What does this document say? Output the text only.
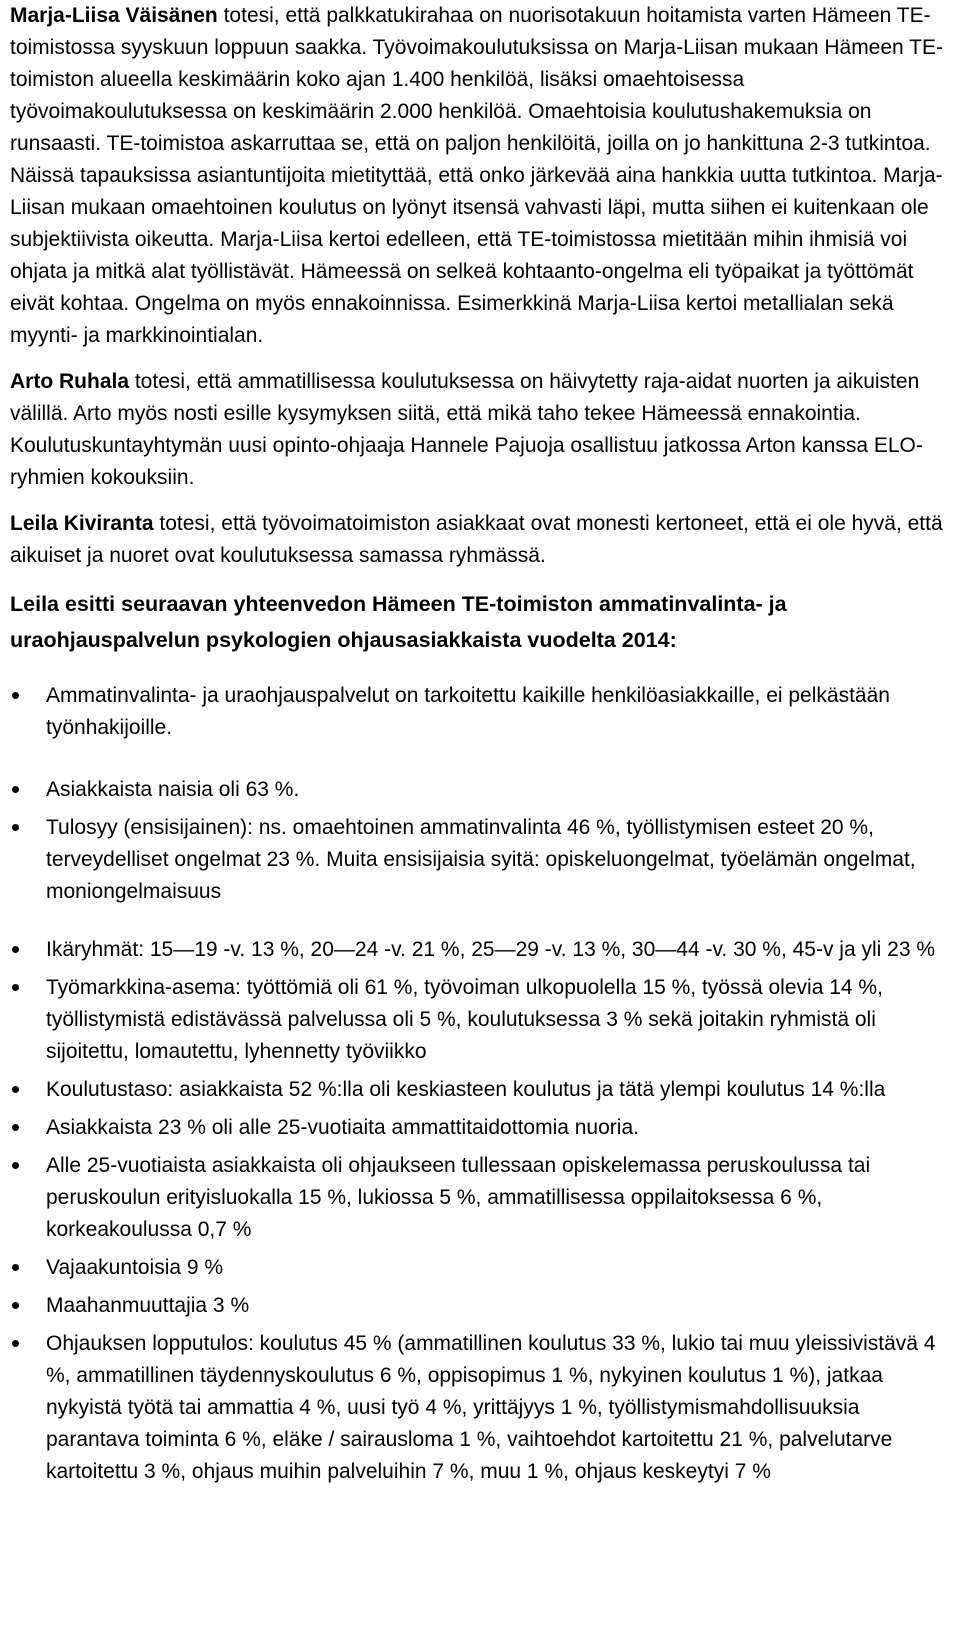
Marja-Liisa Väisänen totesi, että palkkatukirahaa on nuorisotakuun hoitamista varten Hämeen TE-toimistossa syyskuun loppuun saakka. Työvoimakoulutuksissa on Marja-Liisan mukaan Hämeen TE-toimiston alueella keskimäärin koko ajan 1.400 henkilöä, lisäksi omaehtoisessa työvoimakoulutuksessa on keskimäärin 2.000 henkilöä. Omaehtoisia koulutushakemuksia on runsaasti. TE-toimistoa askarruttaa se, että on paljon henkilöitä, joilla on jo hankittuna 2-3 tutkintoa. Näissä tapauksissa asiantuntijoita mietityttää, että onko järkevää aina hankkia uutta tutkintoa. Marja-Liisan mukaan omaehtoinen koulutus on lyönyt itsensä vahvasti läpi, mutta siihen ei kuitenkaan ole subjektiivista oikeutta. Marja-Liisa kertoi edelleen, että TE-toimistossa mietitään mihin ihmisiä voi ohjata ja mitkä alat työllistävät. Hämeessä on selkeä kohtaanto-ongelma eli työpaikat ja työttömät eivät kohtaa. Ongelma on myös ennakoinnissa. Esimerkkinä Marja-Liisa kertoi metallialan sekä myynti- ja markkinointialan.

Arto Ruhala totesi, että ammatillisessa koulutuksessa on häivytetty raja-aidat nuorten ja aikuisten välillä. Arto myös nosti esille kysymyksen siitä, että mikä taho tekee Hämeessä ennakointia. Koulutuskuntayhtymän uusi opinto-ohjaaja Hannele Pajuoja osallistuu jatkossa Arton kanssa ELO-ryhmien kokouksiin.

Leila Kiviranta totesi, että työvoimatoimiston asiakkaat ovat monesti kertoneet, että ei ole hyvä, että aikuiset ja nuoret ovat koulutuksessa samassa ryhmässä.

Leila esitti seuraavan yhteenvedon Hämeen TE-toimiston ammatinvalinta- ja uraohjauspalvelun psykologien ohjausasiakkaista vuodelta 2014:

Ammatinvalinta- ja uraohjauspalvelut on tarkoitettu kaikille henkilöasiakkaille, ei pelkästään työnhakijoille.
Asiakkaista naisia oli 63 %.
Tulosyy (ensisijainen): ns. omaehtoinen ammatinvalinta 46 %, työllistymisen esteet 20 %, terveydelliset ongelmat 23 %. Muita ensisijaisia syitä: opiskeluongelmat, työelämän ongelmat, moniongelmaisuus
Ikäryhmät: 15—19 -v. 13 %, 20—24 -v. 21 %, 25—29 -v. 13 %, 30—44 -v. 30 %, 45-v ja yli 23 %
Työmarkkina-asema: työttömiä oli 61 %, työvoiman ulkopuolella 15 %, työssä olevia 14 %, työllistymistä edistävässä palvelussa oli 5 %, koulutuksessa 3 % sekä joitakin ryhmistä oli sijoitettu, lomautettu, lyhennetty työviikko
Koulutustaso: asiakkaista 52 %:lla oli keskiasteen koulutus ja tätä ylempi koulutus 14 %:lla
Asiakkaista 23 % oli alle 25-vuotiaita ammattitaidottomia nuoria.
Alle 25-vuotiaista asiakkaista oli ohjaukseen tullessaan opiskelemassa peruskoulussa tai peruskoulun erityisluokalla 15 %, lukiossa 5 %, ammatillisessa oppilaitoksessa 6 %, korkeakoulussa 0,7 %
Vajaakuntoisia 9 %
Maahanmuuttajia 3 %
Ohjauksen lopputulos: koulutus 45 % (ammatillinen koulutus 33 %, lukio tai muu yleissivistävä 4 %, ammatillinen täydennyskoulutus 6 %, oppisopimus 1 %, nykyinen koulutus 1 %), jatkaa nykyistä työtä tai ammattia 4 %, uusi työ 4 %, yrittäjyys 1 %, työllistymismahdollisuuksia parantava toiminta 6 %, eläke / sairauslomа 1 %, vaihtoehdot kartoitettu 21 %, palvelutarve kartoitettu 3 %, ohjaus muihin palveluihin 7 %, muu 1 %, ohjaus keskeytyi 7 %
